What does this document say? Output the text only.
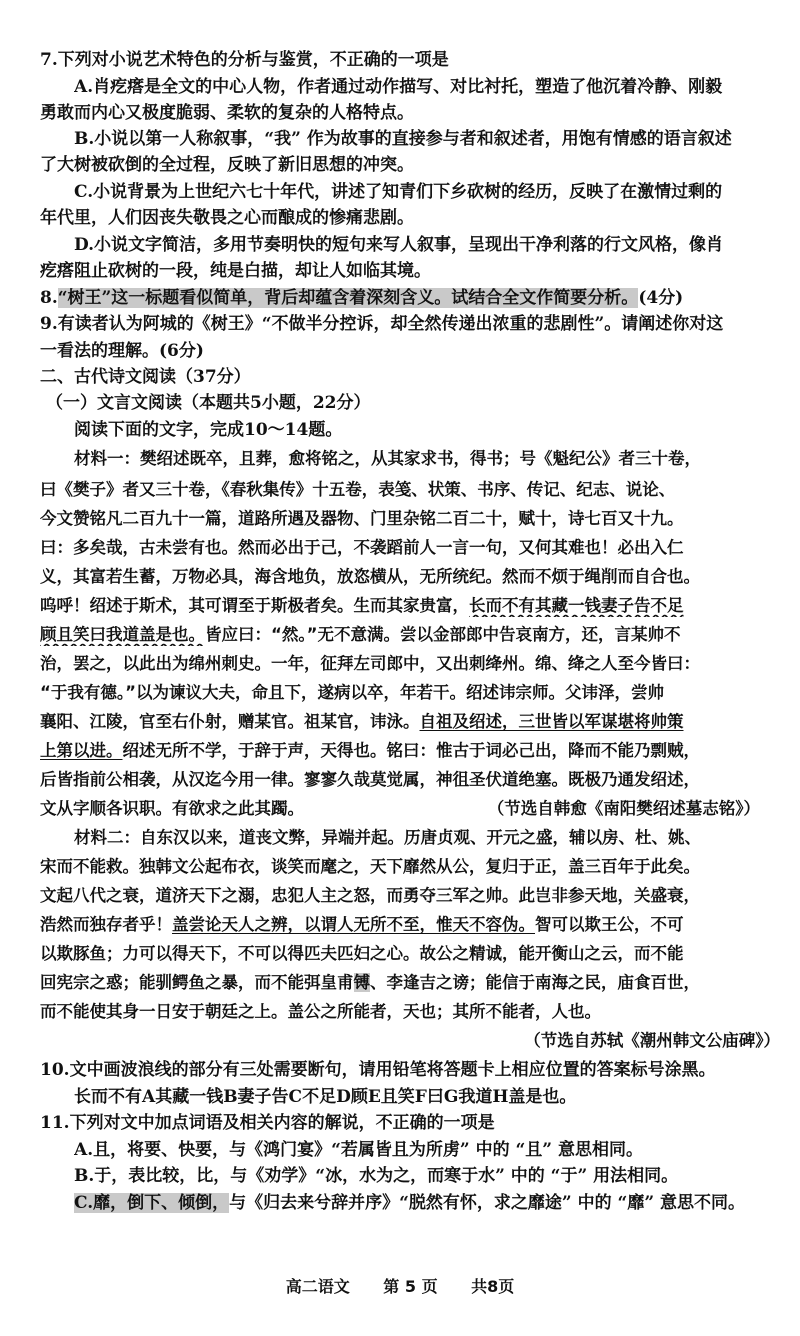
7.下列对小说艺术特色的分析与鉴赏，不正确的一项是
A.肖疙瘩是全文的中心人物，作者通过动作描写、对比衬托，塑造了他沉着冷静、刚毅
勇敢而内心又极度脆弱、柔软的复杂的人格特点。
B.小说以第一人称叙事，“我” 作为故事的直接参与者和叙述者，用饱有情感的语言叙述
了大树被砍倒的全过程，反映了新旧思想的冲突。
C.小说背景为上世纪六七十年代，讲述了知青们下乡砍树的经历，反映了在激情过剩的
年代里，人们因丧失敬畏之心而酿成的惨痛悲剧。
D.小说文字简洁，多用节奏明快的短句来写人叙事，呈现出干净利落的行文风格，像肖
疙瘩阻止砍树的一段，纯是白描，却让人如临其境。
8.“树王”这一标题看似简单，背后却蕴含着深刻含义。试结合全文作简要分析。(4分)
9.有读者认为阿城的《树王》“不做半分控诉，却全然传递出浓重的悲剧性”。请阐述你对这
一看法的理解。(6分)
二、古代诗文阅读（37分）
（一）文言文阅读（本题共5小题，22分）
阅读下面的文字，完成10～14题。
材料一：樊绍述既卒，且葬，愈将铭之，从其家求书，得书；号《魁纪公》者三十卷，
曰《樊子》者又三十卷，《春秋集传》十五卷，表笺、状策、书序、传记、纪志、说论、
今文赞铭凡二百九十一篇，道路所遇及器物、门里杂铭二百二十，赋十，诗七百又十九。
曰：多矣哉，古未尝有也。然而必出于己，不袭蹈前人一言一句，又何其难也！必出入仁
义，其富若生蓄，万物必具，海含地负，放恣横从，无所统纪。然而不烦于绳削而自合也。
呜呼！绍述于斯术，其可谓至于斯极者矣。生而其家贵富，长而不有其藏一钱妻子告不足
顾且笑曰我道盖是也。皆应曰：“然。”无不意满。尝以金部郎中告哀南方，还，言某帅不
治，罢之，以此出为绵州刺史。一年，征拜左司郎中，又出刺绛州。绵、绛之人至今皆曰：
“于我有德。”以为谏议大夫，命且下，遂病以卒，年若干。绍述讳宗师。父讳泽，尝帅
襄阳、江陵，官至右仆射，赠某官。祖某官，讳泳。自祖及绍述，三世皆以军谋堪将帅策
上第以进。绍述无所不学，于辞于声，天得也。铭曰：惟古于词必己出，降而不能乃剽贼，
后皆指前公相袭，从汉迄今用一律。寥寥久哉莫觉属，神徂圣伏道绝塞。既极乃通发绍述，
文从字顺各识职。有欲求之此其躅。	（节选自韩愈《南阳樊绍述墓志铭》）
材料二：自东汉以来，道丧文弊，异端并起。历唐贞观、开元之盛，辅以房、杜、姚、
宋而不能救。独韩文公起布衣，谈笑而麾之，天下靡然从公，复归于正，盖三百年于此矣。
文起八代之衰，道济天下之溺，忠犯人主之怒，而勇夺三军之帅。此岂非参天地，关盛衰，
浩然而独存者乎！盖尝论天人之辨，以谓人无所不至，惟天不容伪。智可以欺王公，不可
以欺豚鱼；力可以得天下，不可以得匹夫匹妇之心。故公之精诚，能开衡山之云，而不能
回宪宗之惑；能驯鳄鱼之暴，而不能弭皇甫镈、李逢吉之谤；能信于南海之民，庙食百世，
而不能使其身一日安于朝廷之上。盖公之所能者，天也；其所不能者，人也。
（节选自苏轼《潮州韩文公庙碑》）
10.文中画波浪线的部分有三处需要断句，请用铅笔将答题卡上相应位置的答案标号涂黑。
长而不有A其藏一钱B妻子告C不足D顾E且笑F曰G我道H盖是也。
11.下列对文中加点词语及相关内容的解说，不正确的一项是
A.且，将要、快要，与《鸿门宴》“若属皆且为所虏” 中的 “且” 意思相同。
B.于，表比较，比，与《劝学》“冰，水为之，而寒于水” 中的 “于” 用法相同。
C.靡，倒下、倾倒，与《归去来兮辞并序》“脱然有怀，求之靡途” 中的 “靡” 意思不同。
高二语文 第 5 页 共8页
